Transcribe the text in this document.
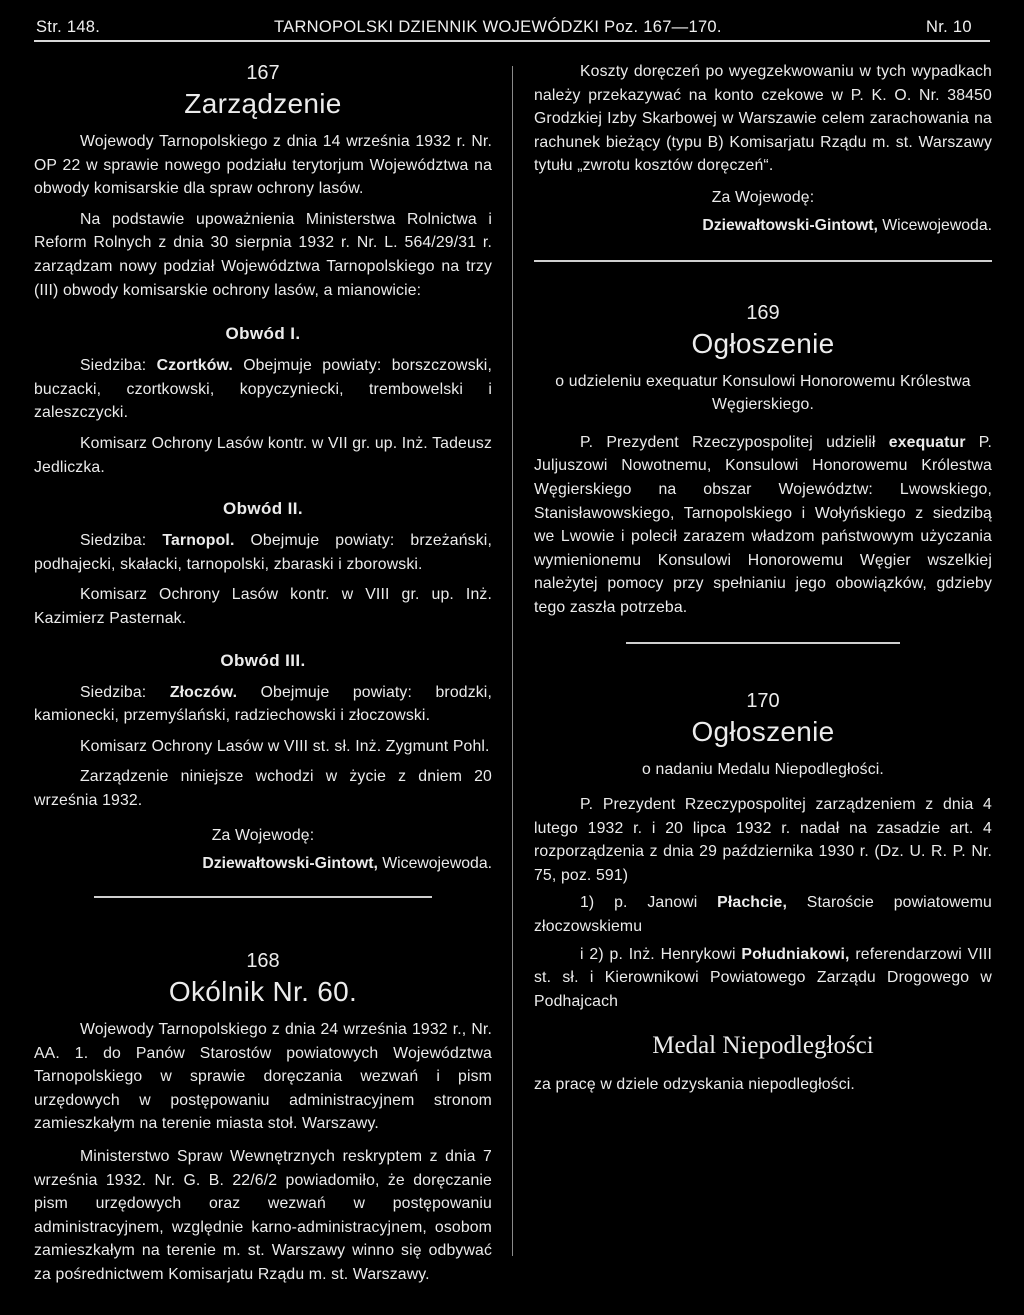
Str. 148.	TARNOPOLSKI DZIENNIK WOJEWÓDZKI Poz. 167—170.	Nr. 10

167

Zarządzenie

Wojewody Tarnopolskiego z dnia 14 września 1932 r. Nr. OP 22 w sprawie nowego podziału terytorjum Województwa na obwody komisarskie dla spraw ochrony lasów.

Na podstawie upoważnienia Ministerstwa Rolnictwa i Reform Rolnych z dnia 30 sierpnia 1932 r. Nr. L. 564/29/31 r. zarządzam nowy podział Województwa Tarnopolskiego na trzy (III) obwody komisarskie ochrony lasów, a mianowicie:

Obwód I.

Siedziba: Czortków. Obejmuje powiaty: borszczowski, buczacki, czortkowski, kopyczyniecki, trembowelski i zaleszczycki.

Komisarz Ochrony Lasów kontr. w VII gr. up. Inż. Tadeusz Jedliczka.

Obwód II.

Siedziba: Tarnopol. Obejmuje powiaty: brzeżański, podhajecki, skałacki, tarnopolski, zbaraski i zborowski.

Komisarz Ochrony Lasów kontr. w VIII gr. up. Inż. Kazimierz Pasternak.

Obwód III.

Siedziba: Złoczów. Obejmuje powiaty: brodzki, kamionecki, przemyślański, radziechowski i złoczowski.

Komisarz Ochrony Lasów w VIII st. sł. Inż. Zygmunt Pohl.

Zarządzenie niniejsze wchodzi w życie z dniem 20 września 1932.

Za Wojewodę:

Dziewałtowski-Gintowt, Wicewojewoda.

168

Okólnik Nr. 60.

Wojewody Tarnopolskiego z dnia 24 września 1932 r., Nr. AA. 1. do Panów Starostów powiatowych Województwa Tarnopolskiego w sprawie doręczania wezwań i pism urzędowych w postępowaniu administracyjnem stronom zamieszkałym na terenie miasta stoł. Warszawy.

Ministerstwo Spraw Wewnętrznych reskryptem z dnia 7 września 1932. Nr. G. B. 22/6/2 powiadomiło, że doręczanie pism urzędowych oraz wezwań w postępowaniu administracyjnem, względnie karno-administracyjnem, osobom zamieszkałym na terenie m. st. Warszawy winno się odbywać za pośrednictwem Komisarjatu Rządu m. st. Warszawy.

Koszty doręczeń po wyegzekwowaniu w tych wypadkach należy przekazywać na konto czekowe w P. K. O. Nr. 38450 Grodzkiej Izby Skarbowej w Warszawie celem zarachowania na rachunek bieżący (typu B) Komisarjatu Rządu m. st. Warszawy tytułu „zwrotu kosztów doręczeń“.

Za Wojewodę:

Dziewałtowski-Gintowt, Wicewojewoda.

169

Ogłoszenie

o udzieleniu exequatur Konsulowi Honorowemu Królestwa Węgierskiego.

P. Prezydent Rzeczypospolitej udzielił exequatur P. Juljuszowi Nowotnemu, Konsulowi Honorowemu Królestwa Węgierskiego na obszar Województw: Lwowskiego, Stanisławowskiego, Tarnopolskiego i Wołyńskiego z siedzibą we Lwowie i polecił zarazem władzom państwowym użyczania wymienionemu Konsulowi Honorowemu Węgier wszelkiej należytej pomocy przy spełnianiu jego obowiązków, gdzieby tego zaszła potrzeba.

170

Ogłoszenie

o nadaniu Medalu Niepodległości.

P. Prezydent Rzeczypospolitej zarządzeniem z dnia 4 lutego 1932 r. i 20 lipca 1932 r. nadał na zasadzie art. 4 rozporządzenia z dnia 29 października 1930 r. (Dz. U. R. P. Nr. 75, poz. 591)

1) p. Janowi Płachcie, Staroście powiatowemu złoczowskiemu

i 2) p. Inż. Henrykowi Południakowi, referendarzowi VIII st. sł. i Kierownikowi Powiatowego Zarządu Drogowego w Podhajcach

Medal Niepodległości

za pracę w dziele odzyskania niepodległości.
